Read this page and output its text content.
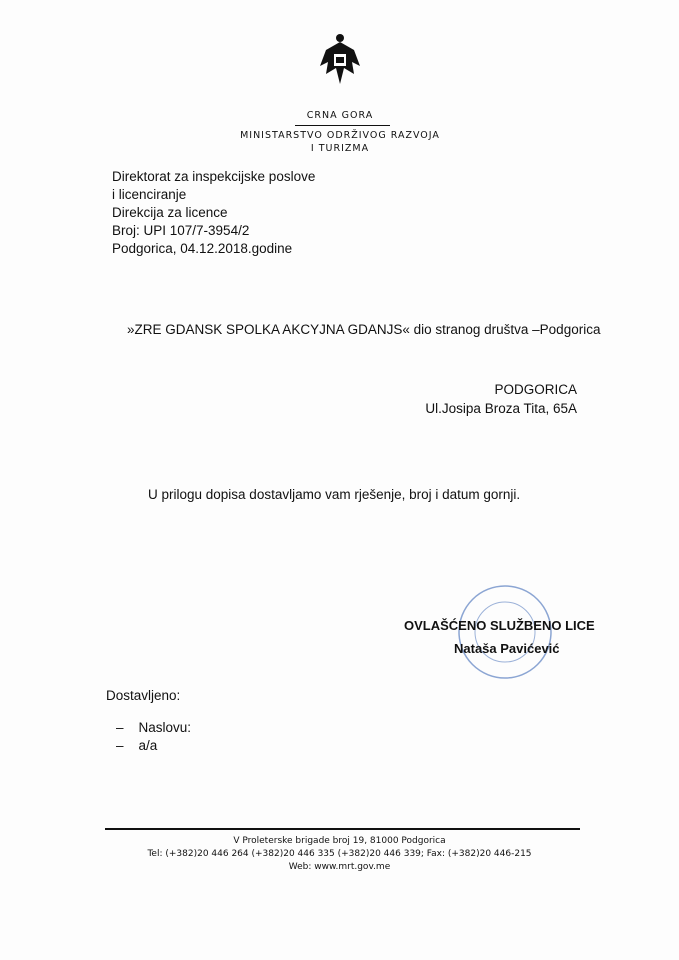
CRNA GORA
MINISTARSTVO ODRŽIVOG RAZVOJA
I TURIZMA
Direktorat za inspekcijske poslove
i licenciranje
Direkcija za licence
Broj: UPI 107/7-3954/2
Podgorica, 04.12.2018.godine
»ZRE GDANSK SPOLKA AKCYJNA GDANJS« dio stranog društva –Podgorica
PODGORICA
Ul.Josipa Broza Tita, 65A
U prilogu dopisa dostavljamo vam rješenje, broj i datum gornji.
OVLAŠĆENO SLUŽBENO LICE
Nataša Pavićević
Dostavljeno:
–    Naslovu:
–    a/a
V Proleterske brigade broj 19, 81000 Podgorica
Tel: (+382)20 446 264 (+382)20 446 335 (+382)20 446 339; Fax: (+382)20 446-215
Web: www.mrt.gov.me
